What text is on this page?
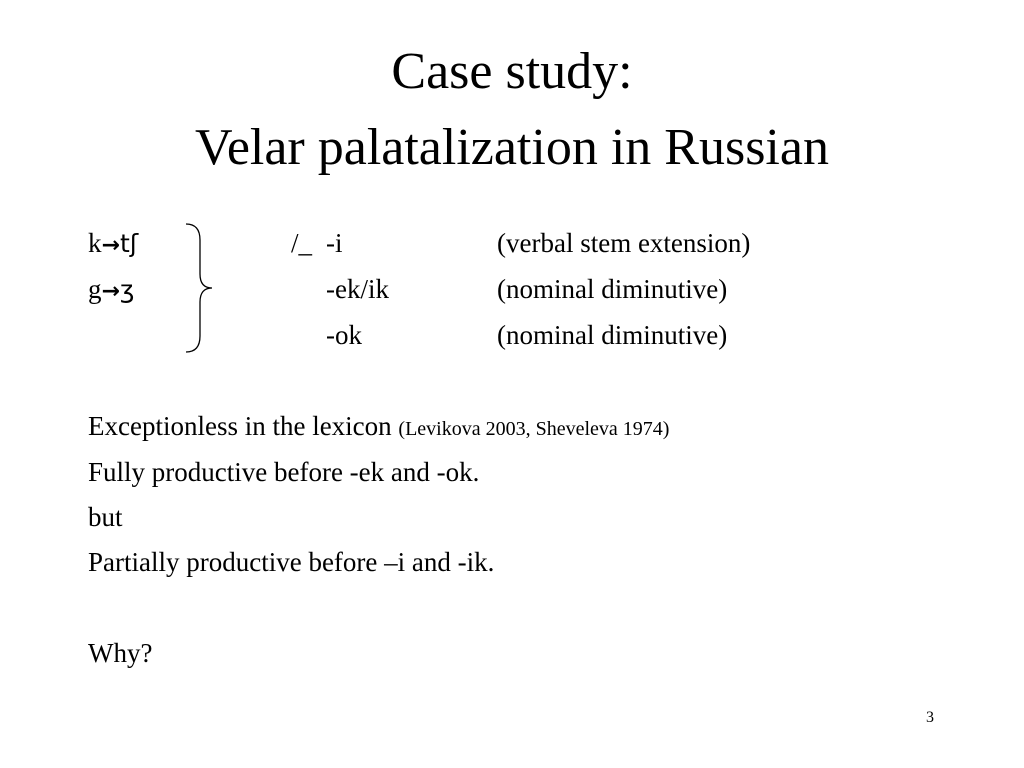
Case study:
Velar palatalization in Russian
k→tʃ
g→ʒ
/_ -i
-ek/ik
-ok
(verbal stem extension)
(nominal diminutive)
(nominal diminutive)
Exceptionless in the lexicon (Levikova 2003, Sheveleva 1974)
Fully productive before -ek and -ok.
but
Partially productive before –i and -ik.
Why?
3
